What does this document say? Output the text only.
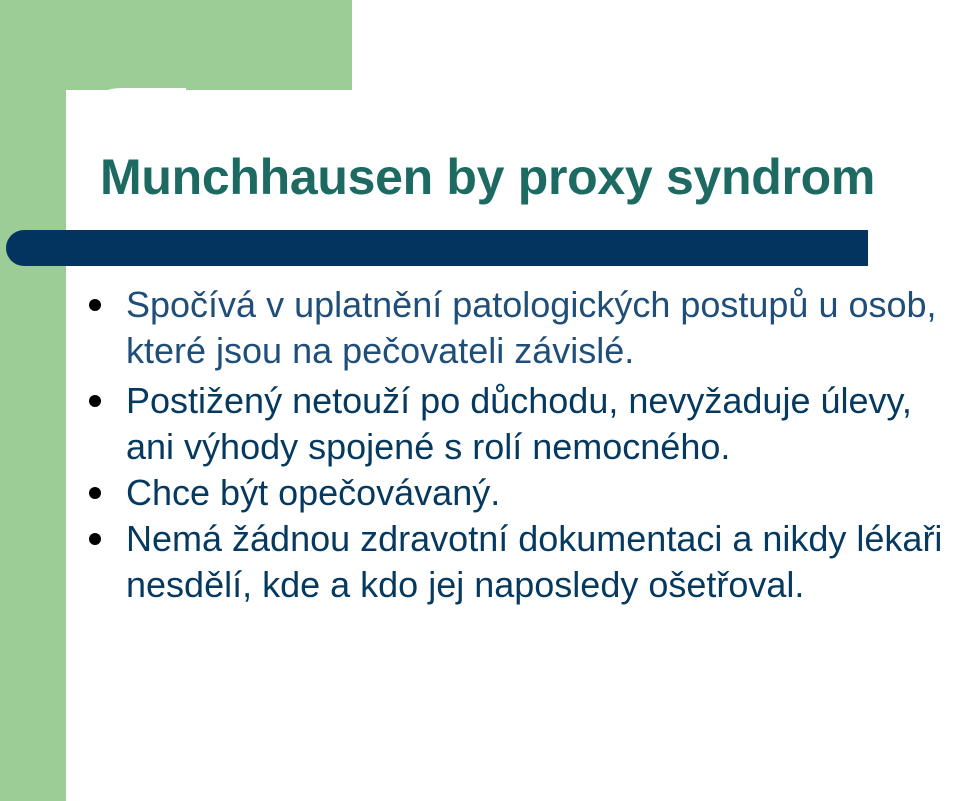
Munchhausen by proxy syndrom
Spočívá v uplatnění patologických postupů u osob, které jsou na pečovateli závislé.
Postižený netouží po důchodu, nevyžaduje úlevy, ani výhody spojené s rolí nemocného.
Chce být opečovávaný.
Nemá žádnou zdravotní dokumentaci a nikdy lékaři nesdělí, kde a kdo jej naposledy ošetřoval.
